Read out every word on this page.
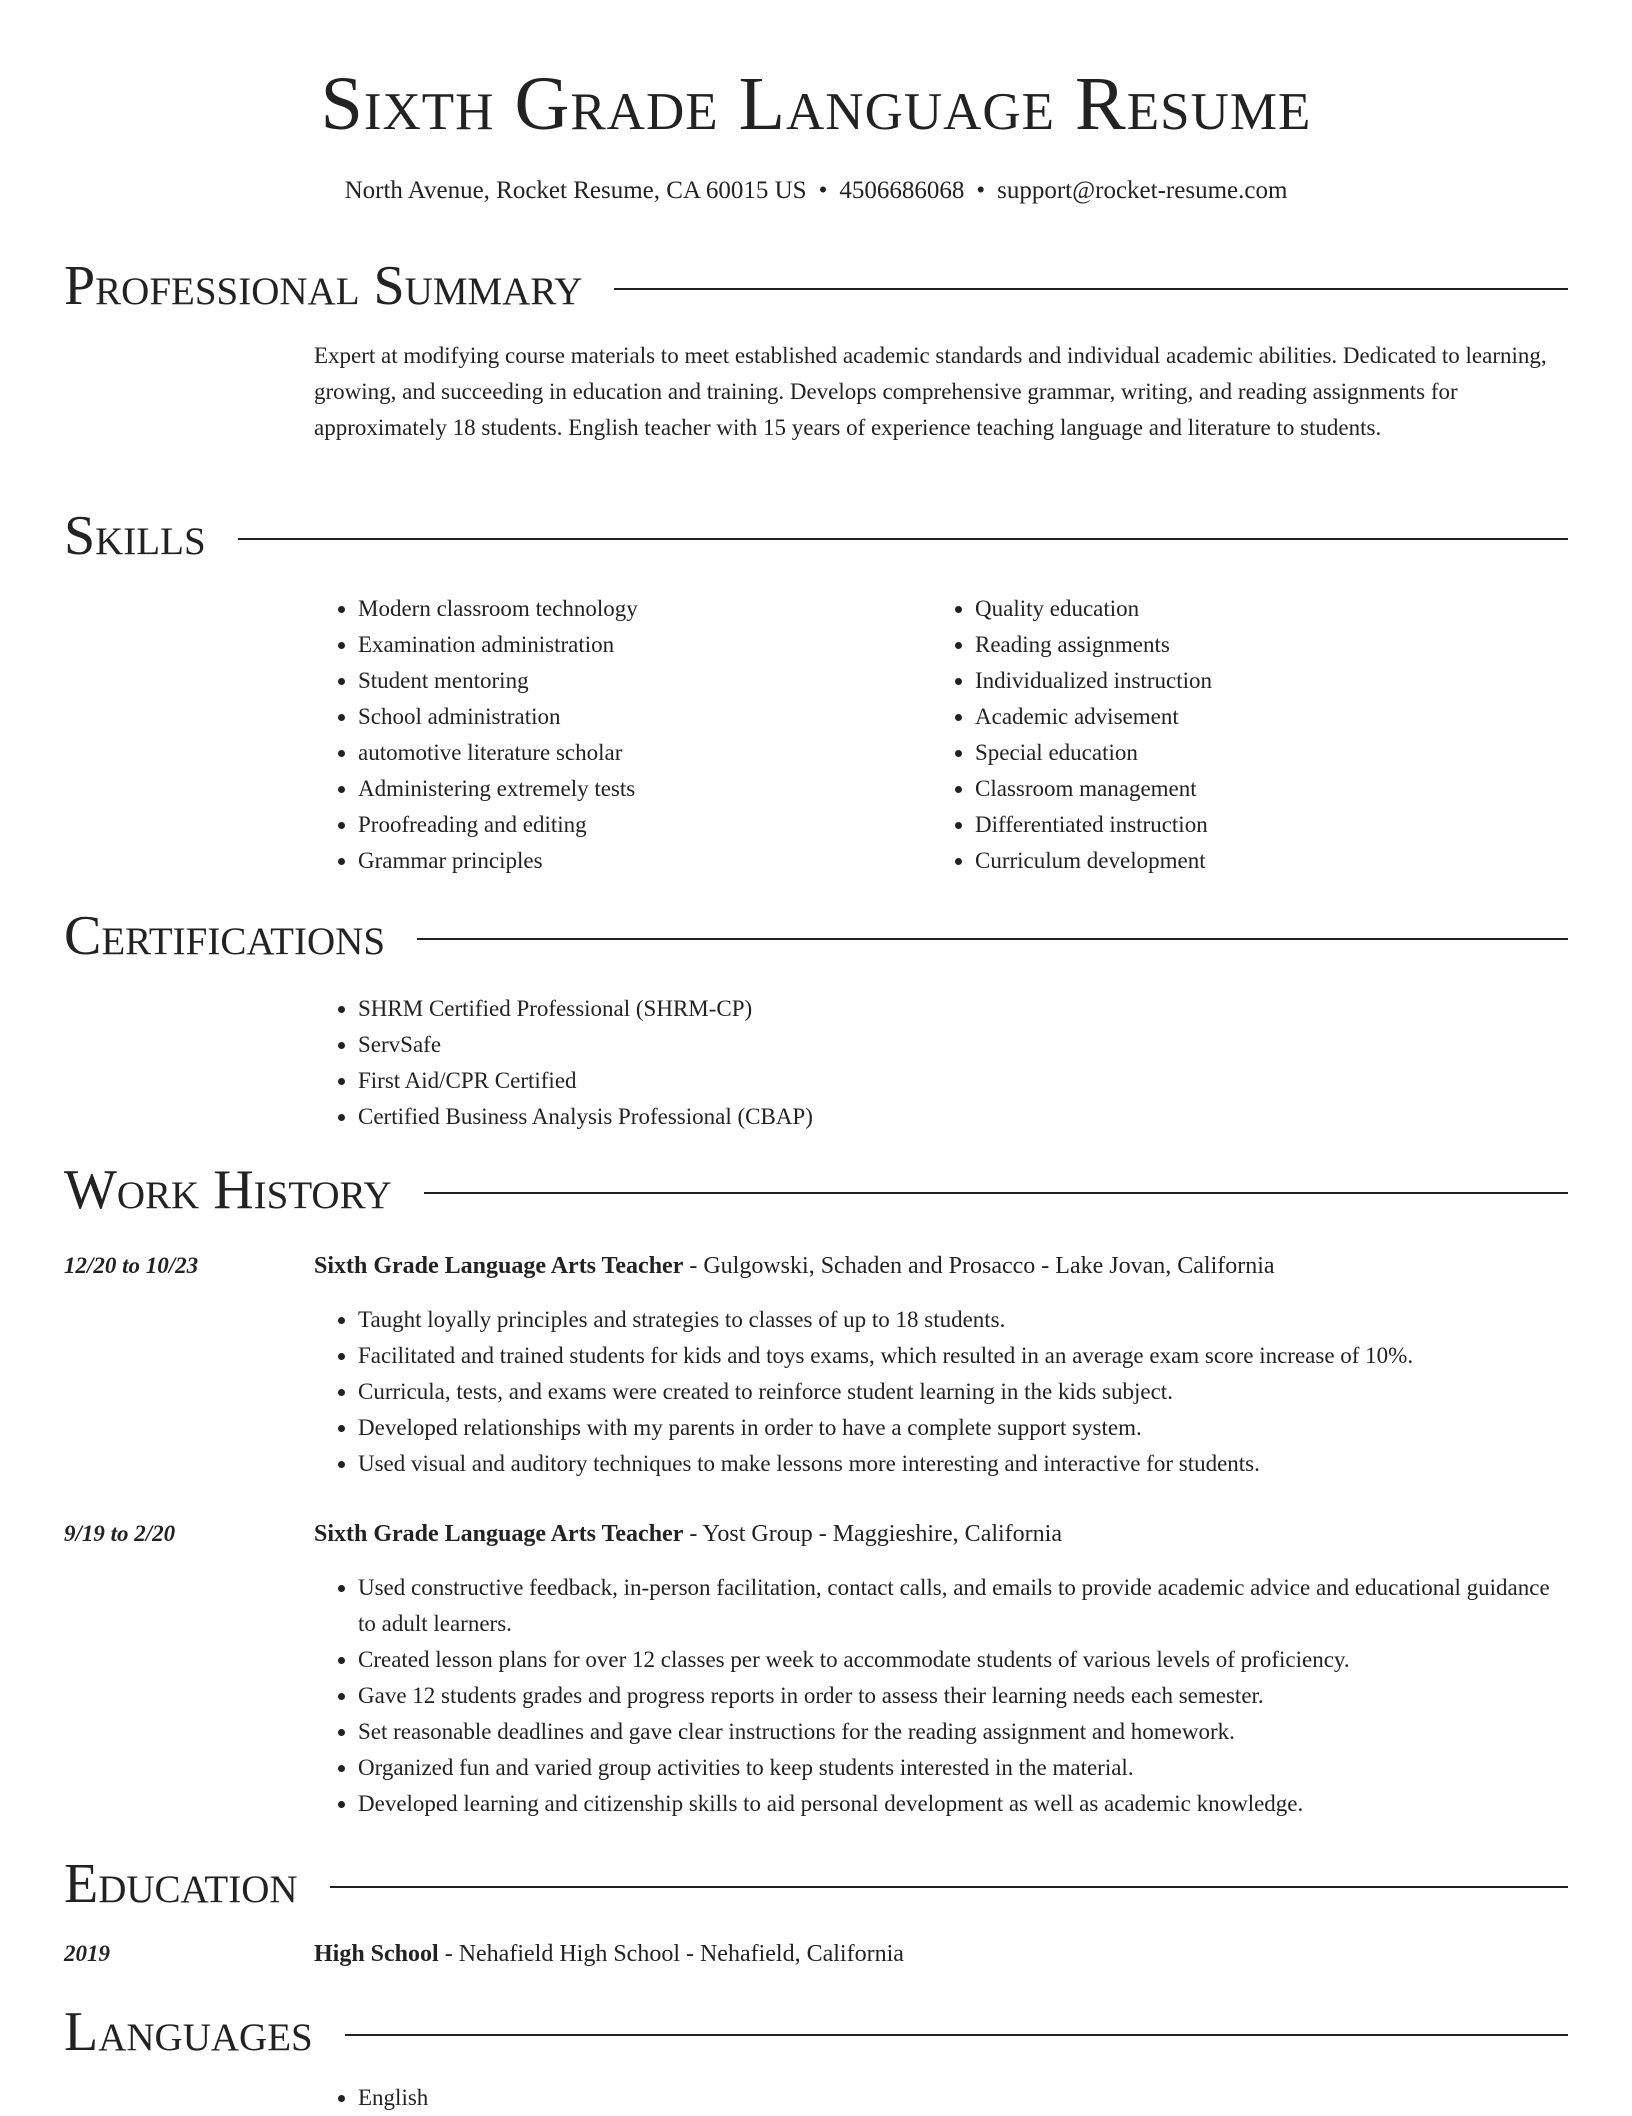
Sixth Grade Language Resume
North Avenue, Rocket Resume, CA 60015 US • 4506686068 • support@rocket-resume.com
Professional Summary

Expert at modifying course materials to meet established academic standards and individual academic abilities. Dedicated to learning, growing, and succeeding in education and training. Develops comprehensive grammar, writing, and reading assignments for approximately 18 students. English teacher with 15 years of experience teaching language and literature to students.

Skills
• Modern classroom technology
• Examination administration
• Student mentoring
• School administration
• automotive literature scholar
• Administering extremely tests
• Proofreading and editing
• Grammar principles
• Quality education
• Reading assignments
• Individualized instruction
• Academic advisement
• Special education
• Classroom management
• Differentiated instruction
• Curriculum development
Certifications
• SHRM Certified Professional (SHRM-CP)
• ServSafe
• First Aid/CPR Certified
• Certified Business Analysis Professional (CBAP)
Work History
12/20 to 10/23	Sixth Grade Language Arts Teacher - Gulgowski, Schaden and Prosacco - Lake Jovan, California
• Taught loyally principles and strategies to classes of up to 18 students.
• Facilitated and trained students for kids and toys exams, which resulted in an average exam score increase of 10%.
• Curricula, tests, and exams were created to reinforce student learning in the kids subject.
• Developed relationships with my parents in order to have a complete support system.
• Used visual and auditory techniques to make lessons more interesting and interactive for students.
9/19 to 2/20	Sixth Grade Language Arts Teacher - Yost Group - Maggieshire, California
• Used constructive feedback, in-person facilitation, contact calls, and emails to provide academic advice and educational guidance to adult learners.
• Created lesson plans for over 12 classes per week to accommodate students of various levels of proficiency.
• Gave 12 students grades and progress reports in order to assess their learning needs each semester.
• Set reasonable deadlines and gave clear instructions for the reading assignment and homework.
• Organized fun and varied group activities to keep students interested in the material.
• Developed learning and citizenship skills to aid personal development as well as academic knowledge.
Education
2019	High School - Nehafield High School - Nehafield, California
Languages
• English
